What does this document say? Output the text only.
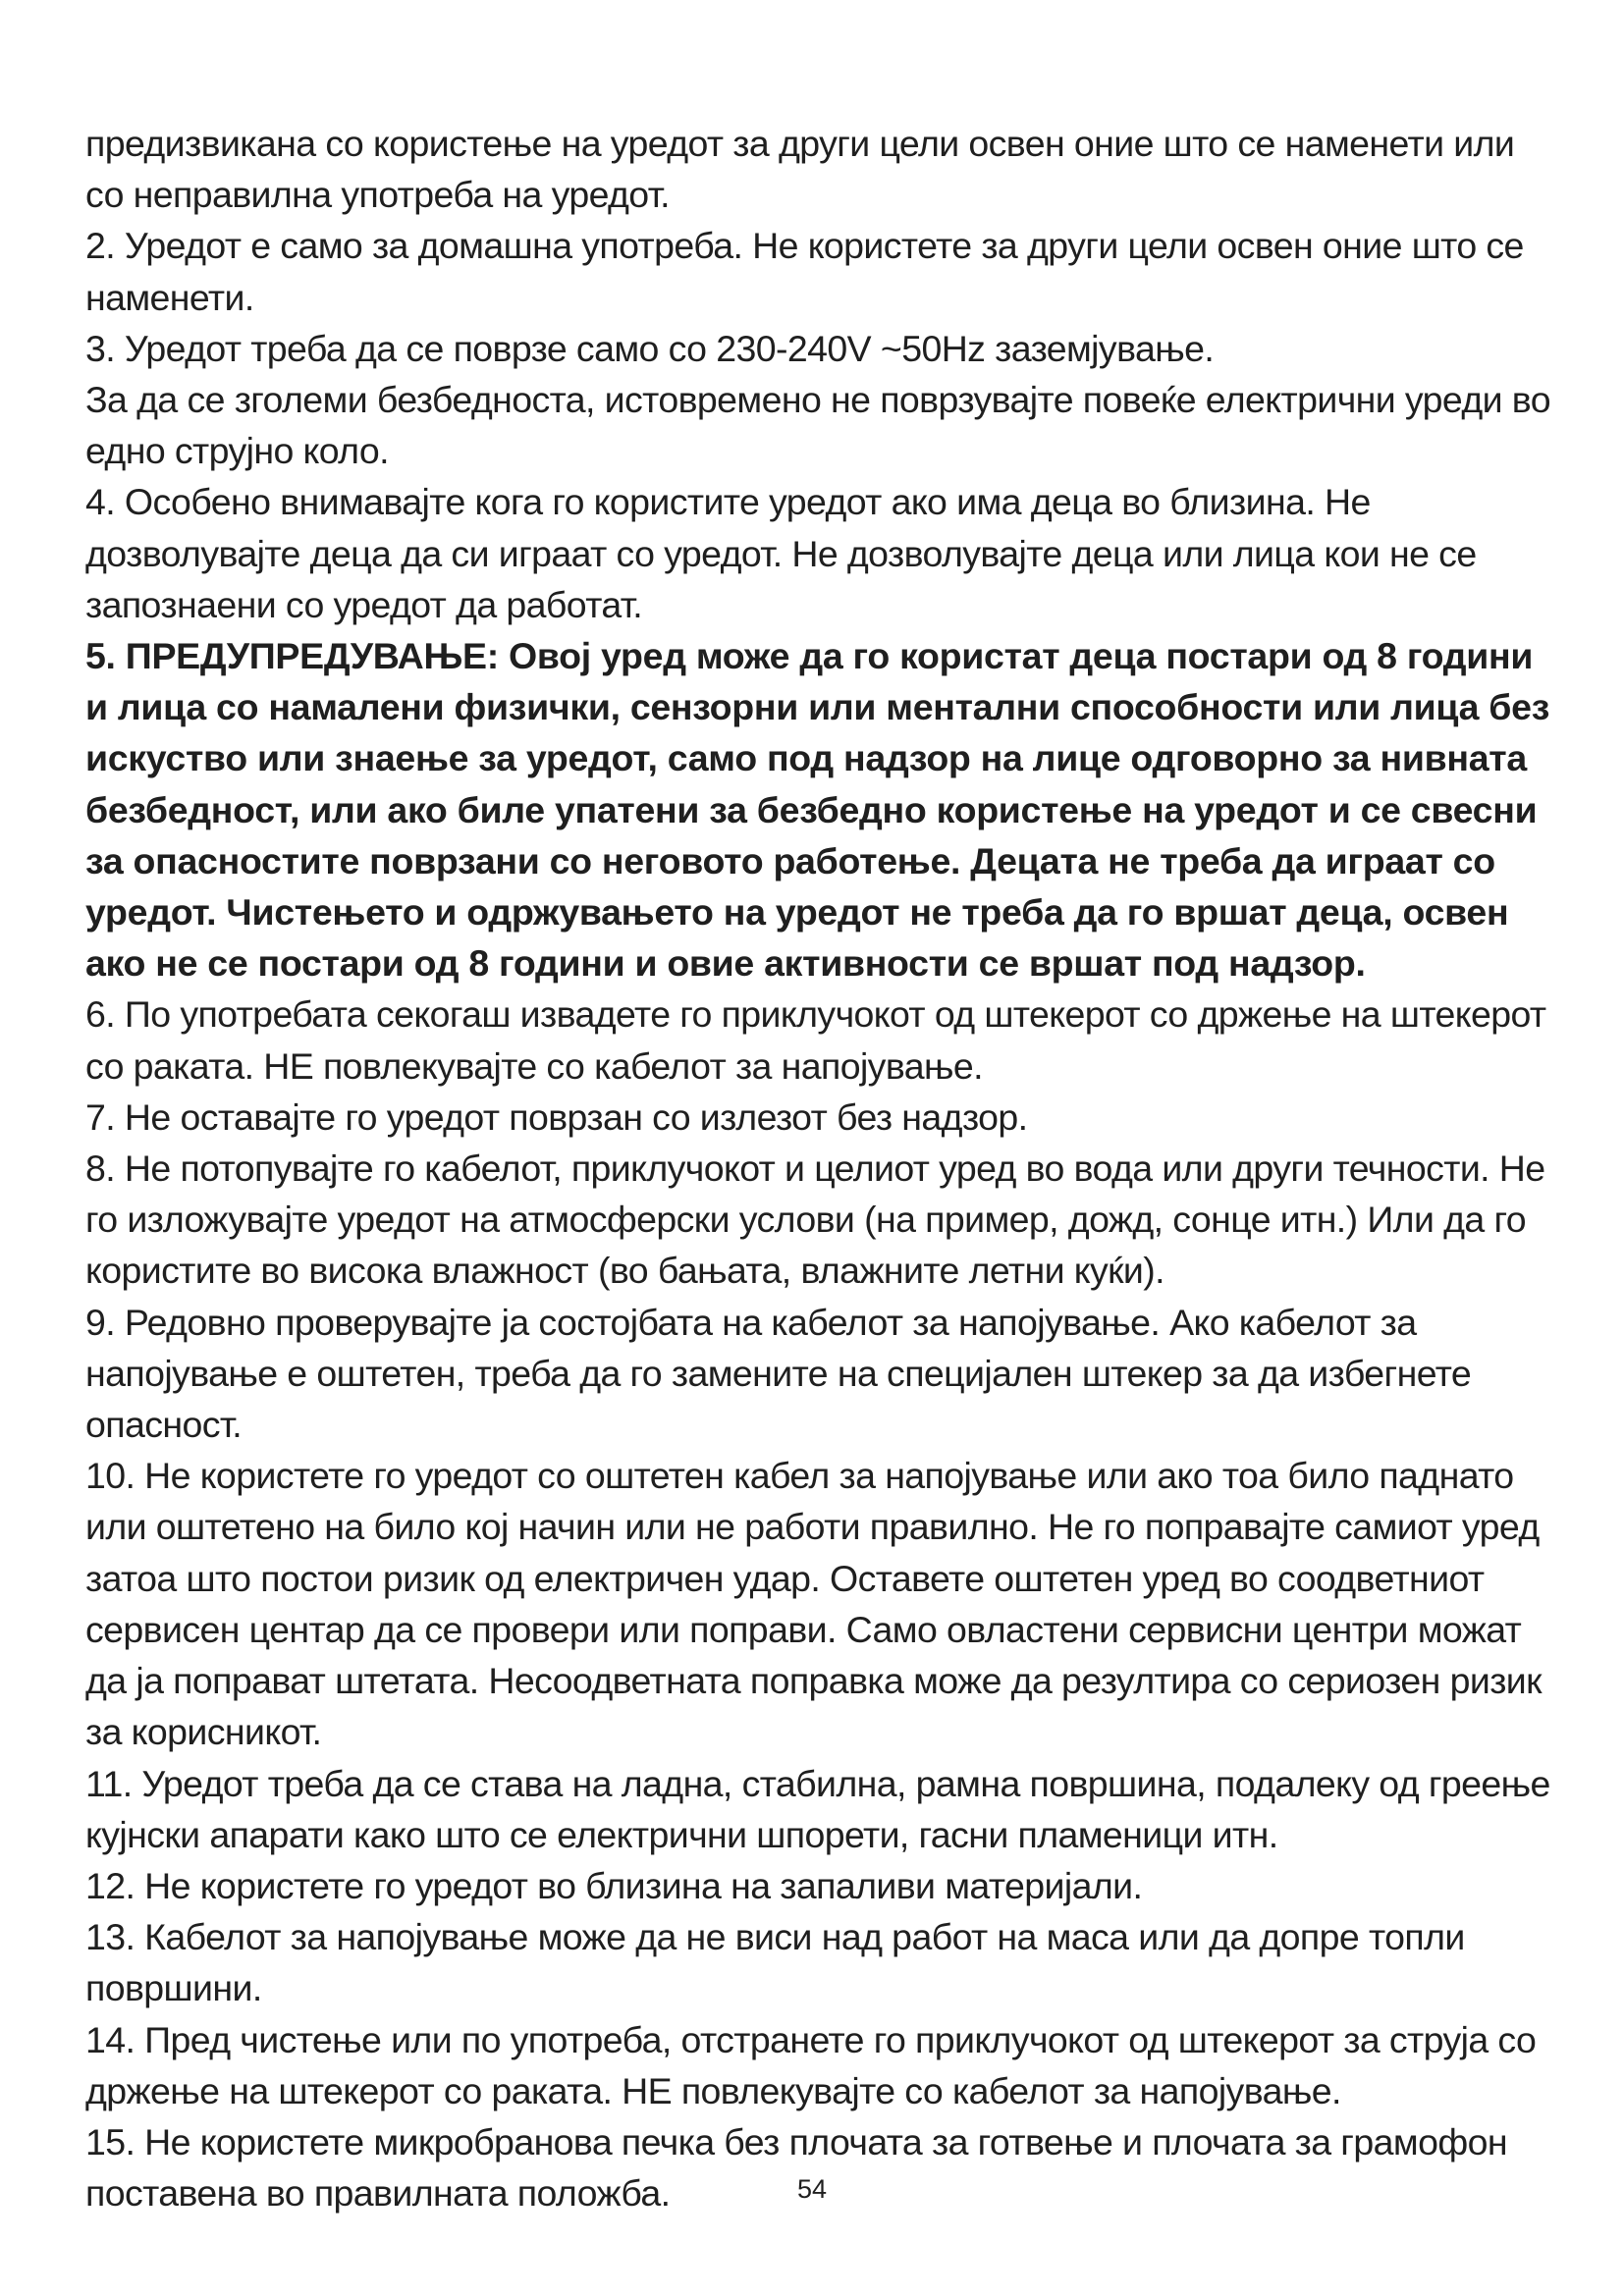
предизвикана со користење на уредот за други цели освен оние што се наменети или со неправилна употреба на уредот.

2. Уредот е само за домашна употреба. Не користете за други цели освен оние што се наменети.

3. Уредот треба да се поврзе само со 230-240V ~50Hz заземјување.

За да се зголеми безбедноста, истовремено не поврзувајте повеќе електрични уреди во едно струјно коло.

4. Особено внимавајте кога го користите уредот ако има деца во близина. Не дозволувајте деца да си играат со уредот. Не дозволувајте деца или лица кои не се запознаени со уредот да работат.

5. ПРЕДУПРЕДУВАЊЕ: Овој уред може да го користат деца постари од 8 години и лица со намалени физички, сензорни или ментални способности или лица без искуство или знаење за уредот, само под надзор на лице одговорно за нивната безбедност, или ако биле упатени за безбедно користење на уредот и се свесни за опасностите поврзани со неговото работење. Децата не треба да играат со уредот. Чистењето и одржувањето на уредот не треба да го вршат деца, освен ако не се постари од 8 години и овие активности се вршат под надзор.

6. По употребата секогаш извадете го приклучокот од штекерот со држење на штекерот со раката. НЕ повлекувајте со кабелот за напојување.

7. Не оставајте го уредот поврзан со излезот без надзор.

8. Не потопувајте го кабелот, приклучокот и целиот уред во вода или други течности. Не го изложувајте уредот на атмосферски услови (на пример, дожд, сонце итн.) Или да го користите во висока влажност (во бањата, влажните летни куќи).

9. Редовно проверувајте ја состојбата на кабелот за напојување. Ако кабелот за напојување е оштетен, треба да го замените на специјален штекер за да избегнете опасност.

10. Не користете го уредот со оштетен кабел за напојување или ако тоа било паднато или оштетено на било кој начин или не работи правилно. Не го поправајте самиот уред затоа што постои ризик од електричен удар. Оставете оштетен уред во соодветниот сервисен центар да се провери или поправи. Само овластени сервисни центри можат да ја поправат штетата. Несоодветната поправка може да резултира со сериозен ризик за корисникот.

11. Уредот треба да се става на ладна, стабилна, рамна површина, подалеку од греење кујнски апарати како што се електрични шпорети, гасни пламеници итн.

12. Не користете го уредот во близина на запаливи материјали.

13. Кабелот за напојување може да не виси над работ на маса или да допре топли површини.

14. Пред чистење или по употреба, отстранете го приклучокот од штекерот за струја со држење на штекерот со раката. НЕ повлекувајте со кабелот за напојување.

15. Не користете микробранова печка без плочата за готвење и плочата за грамофон поставена во правилната положба.	54
